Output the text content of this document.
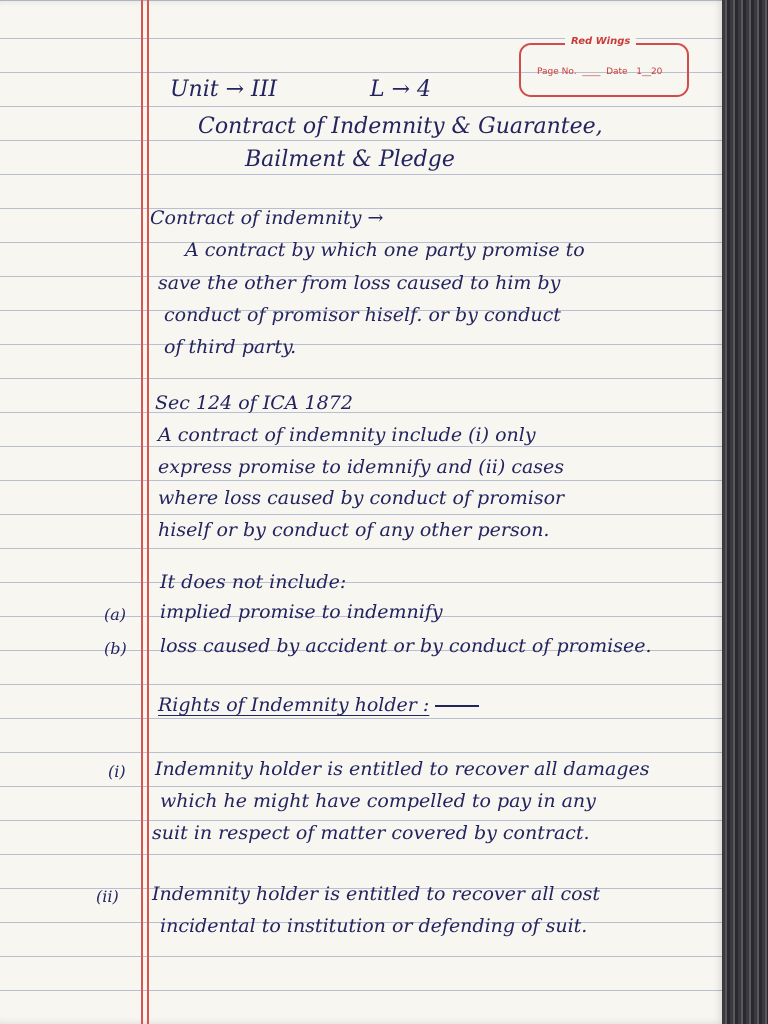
Red Wings
Page No.  ____  Date 1__20
Unit → III	L → 4
Contract of Indemnity & Guarantee,
Bailment & Pledge
Contract of indemnity →
A contract by which one party promise to
save the other from loss caused to him by
conduct of promisor hiself. or by conduct
of third party.
Sec 124 of ICA 1872
A contract of indemnity include (i) only
express promise to idemnify and (ii) cases
where loss caused by conduct of promisor
hiself or by conduct of any other person.
It does not include:
(a) implied promise to indemnify
(b) loss caused by accident or by conduct of promisee.
Rights of Indemnity holder :
(i) Indemnity holder is entitled to recover all damages
which he might have compelled to pay in any
suit in respect of matter covered by contract.
(ii) Indemnity holder is entitled to recover all cost
incidental to institution or defending of suit.
